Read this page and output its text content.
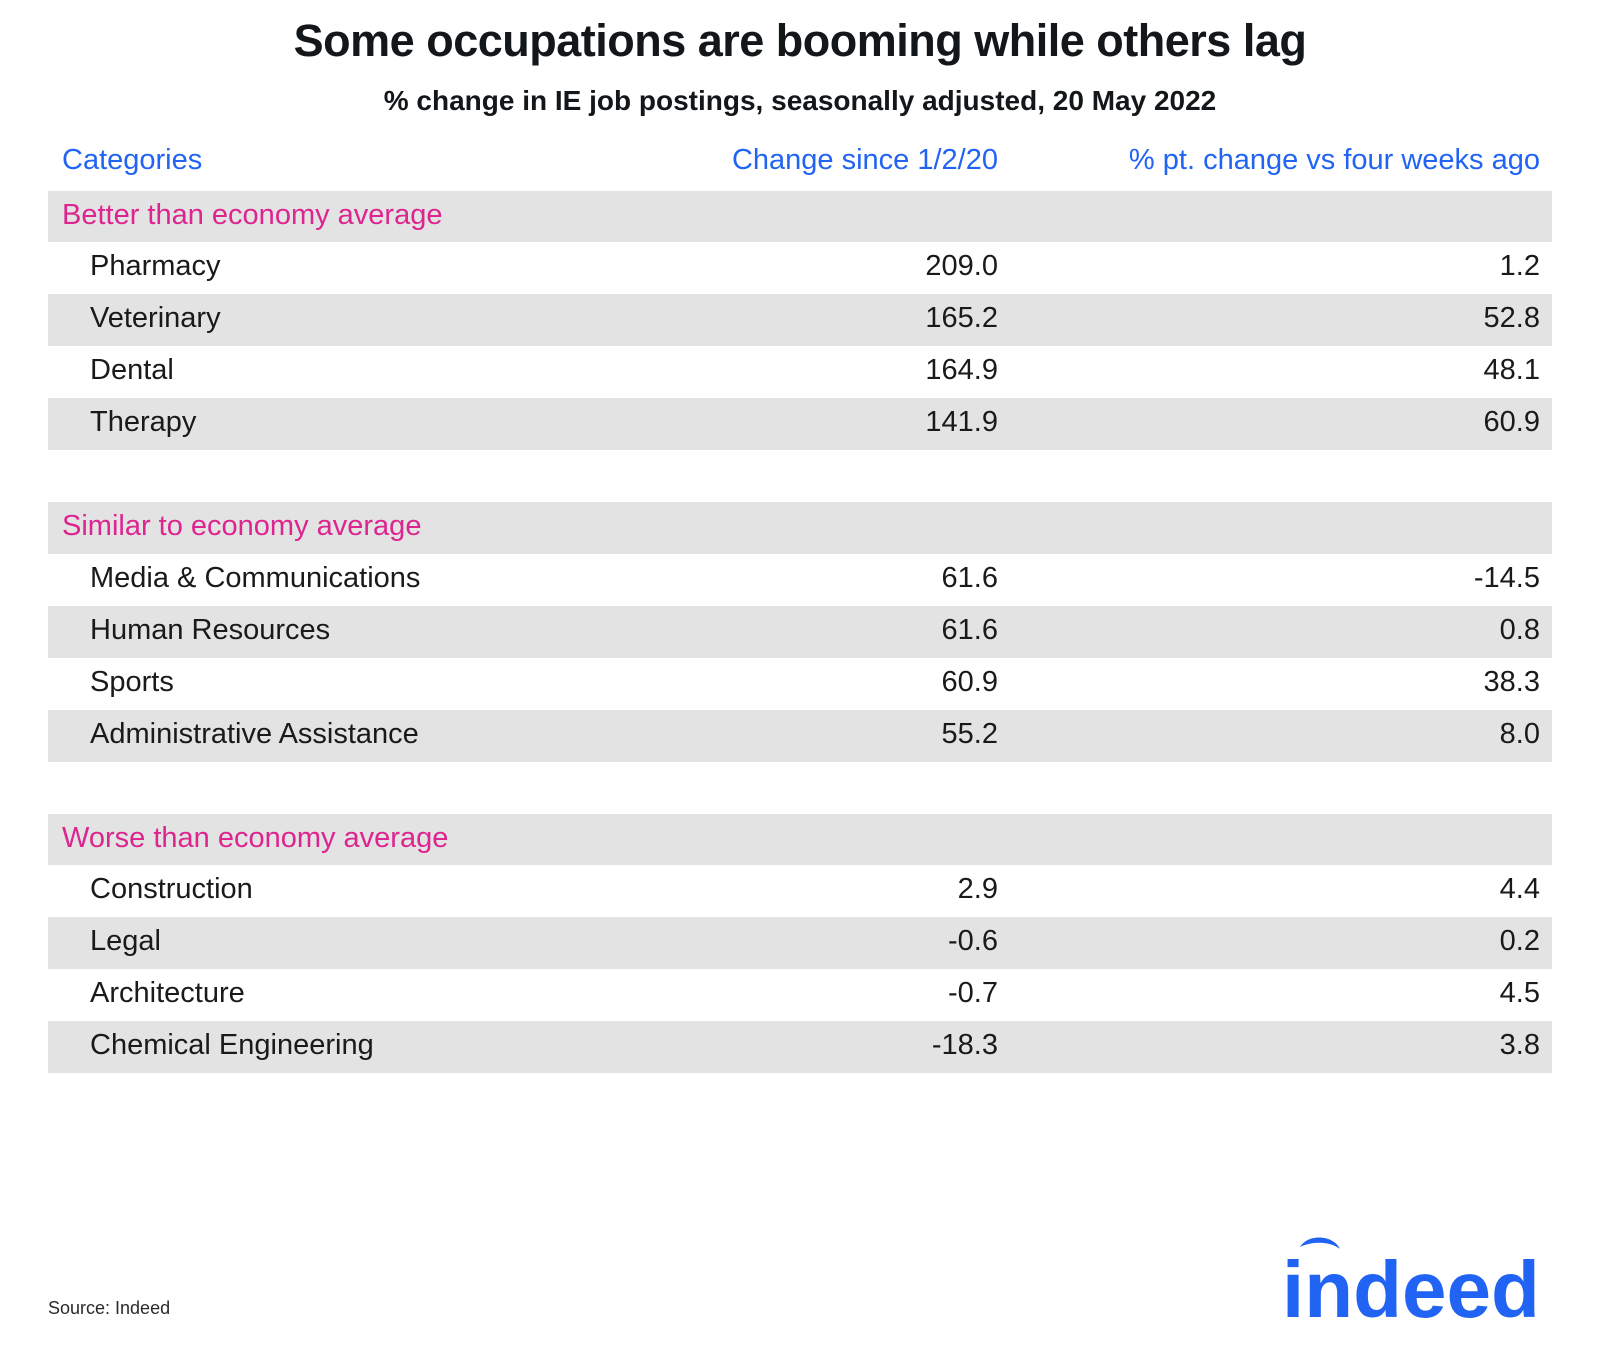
Some occupations are booming while others lag
% change in IE job postings, seasonally adjusted, 20 May 2022
Categories	Change since 1/2/20	% pt. change vs four weeks ago
Better than economy average		
Pharmacy	209.0	1.2
Veterinary	165.2	52.8
Dental	164.9	48.1
Therapy	141.9	60.9

Similar to economy average		
Media & Communications	61.6	-14.5
Human Resources	61.6	0.8
Sports	60.9	38.3
Administrative Assistance	55.2	8.0

Worse than economy average		
Construction	2.9	4.4
Legal	-0.6	0.2
Architecture	-0.7	4.5
Chemical Engineering	-18.3	3.8
Source: Indeed	indeed
